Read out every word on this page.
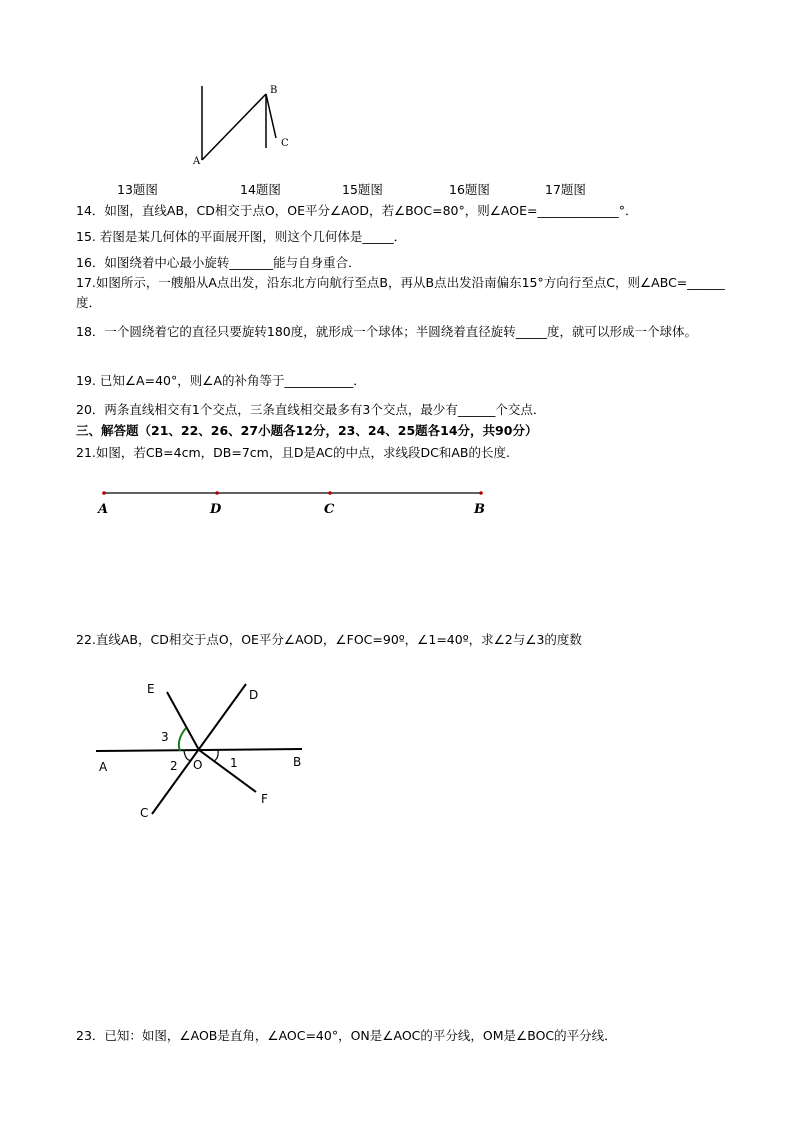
A
B
C
13题图	14题图	15题图	16题图	17题图
14．如图，直线AB，CD相交于点O，OE平分∠AOD，若∠BOC=80°，则∠AOE=_____________°．
15. 若图是某几何体的平面展开图，则这个几何体是_____．
16．如图绕着中心最小旋转_______能与自身重合．
17.如图所示，一艘船从A点出发，沿东北方向航行至点B，再从B点出发沿南偏东15°方向行至点C，则∠ABC=______度．
18．一个圆绕着它的直径只要旋转180度，就形成一个球体；半圆绕着直径旋转_____度，就可以形成一个球体。
19. 已知∠A=40°，则∠A的补角等于___________．
20．两条直线相交有1个交点，三条直线相交最多有3个交点，最少有______个交点．
三、解答题（21、22、26、27小题各12分，23、24、25题各14分，共90分）
21.如图，若CB=4cm，DB=7cm，且D是AC的中点，求线段DC和AB的长度.
A	D	C	B
22.直线AB，CD相交于点O，OE平分∠AOD，∠FOC=90º，∠1=40º，求∠2与∠3的度数
E	D
A	B
C
F
O 1
2
3
23．已知：如图，∠AOB是直角，∠AOC=40°，ON是∠AOC的平分线，OM是∠BOC的平分线．
